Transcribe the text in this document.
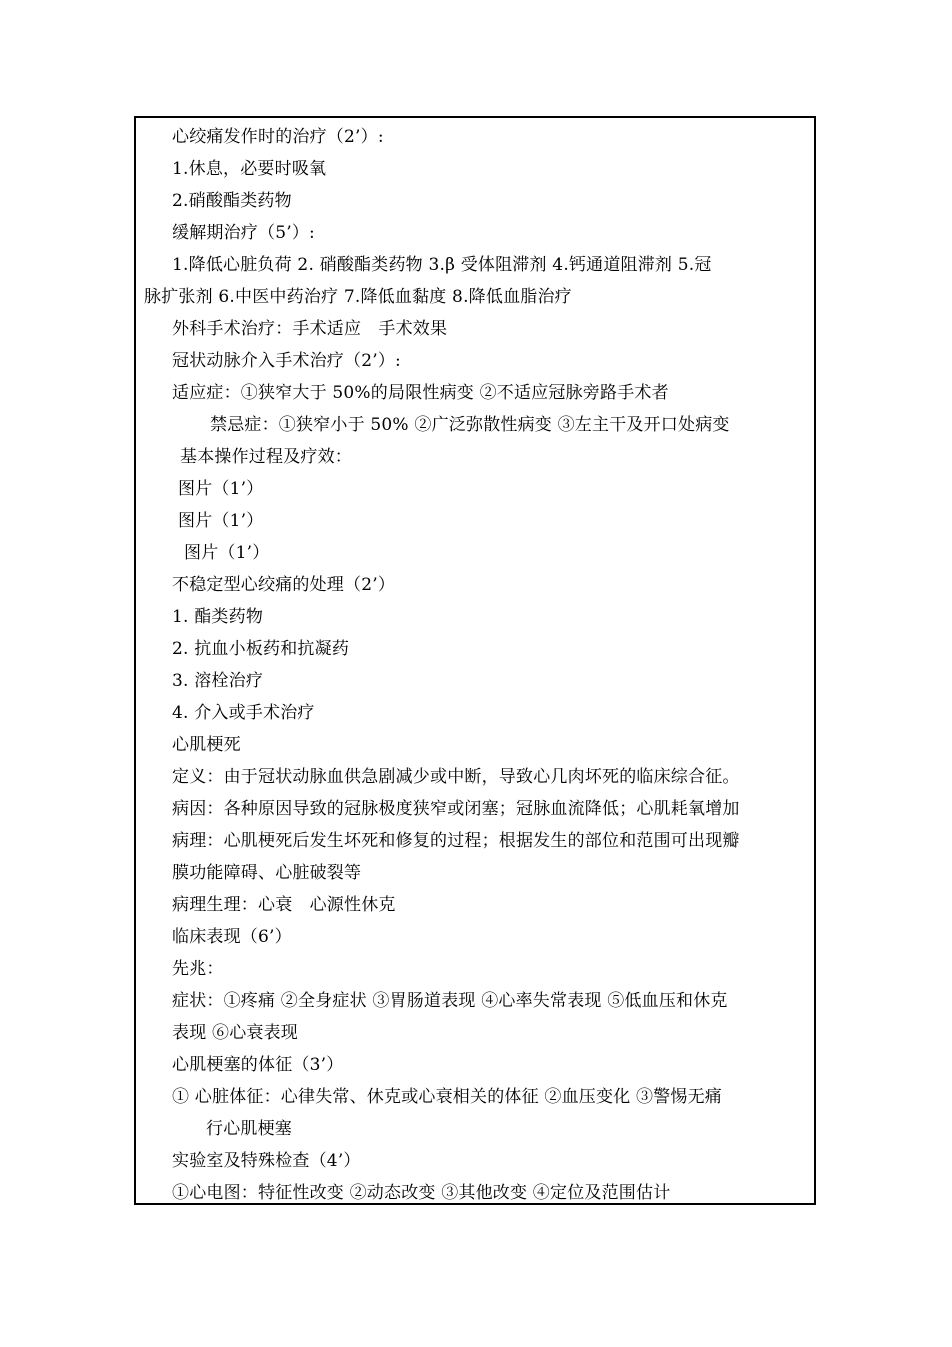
心绞痛发作时的治疗（2’）:
1.休息，必要时吸氧
2.硝酸酯类药物
缓解期治疗（5’）:
1.降低心脏负荷 2. 硝酸酯类药物 3.β 受体阻滞剂 4.钙通道阻滞剂 5.冠
脉扩张剂 6.中医中药治疗 7.降低血黏度 8.降低血脂治疗
外科手术治疗：手术适应　手术效果
冠状动脉介入手术治疗（2’）:
适应症：①狭窄大于 50%的局限性病变 ②不适应冠脉旁路手术者
禁忌症：①狭窄小于 50% ②广泛弥散性病变 ③左主干及开口处病变
基本操作过程及疗效：
图片（1’）
图片（1’）
图片（1’）
不稳定型心绞痛的处理（2’）
1. 酯类药物
2. 抗血小板药和抗凝药
3. 溶栓治疗
4. 介入或手术治疗
心肌梗死
定义：由于冠状动脉血供急剧减少或中断，导致心几肉坏死的临床综合征。
病因：各种原因导致的冠脉极度狭窄或闭塞；冠脉血流降低；心肌耗氧增加
病理：心肌梗死后发生坏死和修复的过程；根据发生的部位和范围可出现瓣
膜功能障碍、心脏破裂等
病理生理：心衰　心源性休克
临床表现（6’）
先兆：
症状：①疼痛 ②全身症状 ③胃肠道表现 ④心率失常表现 ⑤低血压和休克
表现 ⑥心衰表现
心肌梗塞的体征（3’）
① 心脏体征：心律失常、休克或心衰相关的体征 ②血压变化 ③警惕无痛
行心肌梗塞
实验室及特殊检查（4’）
①心电图：特征性改变 ②动态改变 ③其他改变 ④定位及范围估计
